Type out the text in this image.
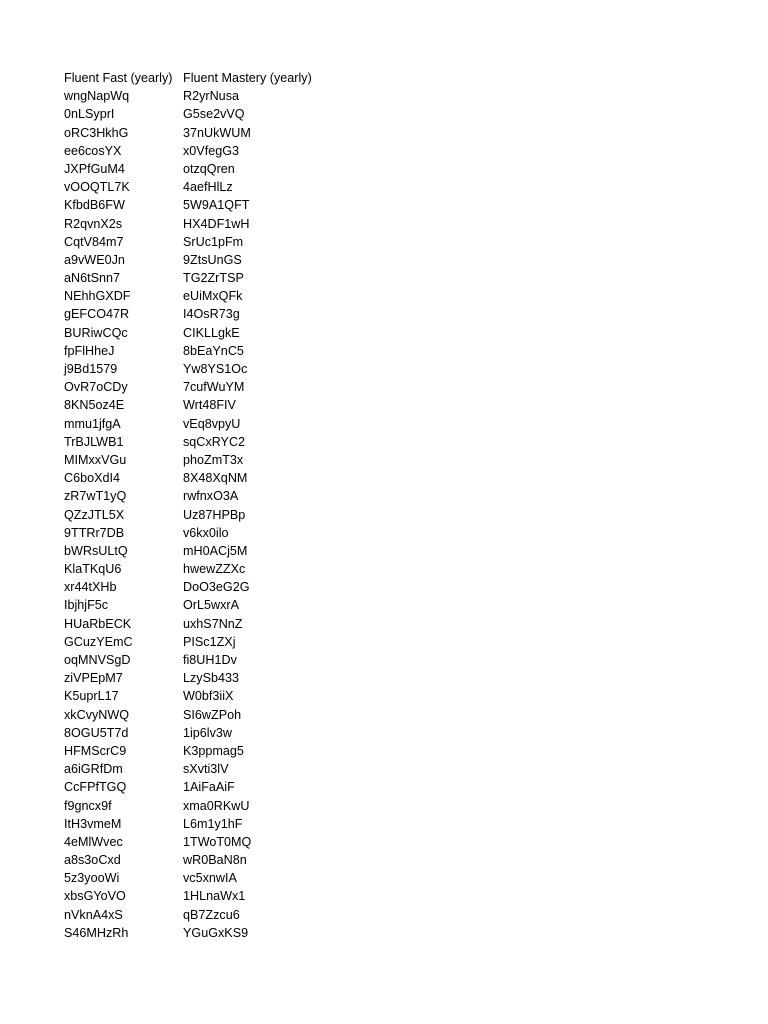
Fluent Fast (yearly) Fluent Mastery (yearly)
wngNapWq	R2yrNusa
0nLSyprI	G5se2vVQ
oRC3HkhG	37nUkWUM
ee6cosYX	x0VfegG3
JXPfGuM4	otzqQren
vOOQTL7K	4aefHlLz
KfbdB6FW	5W9A1QFT
R2qvnX2s	HX4DF1wH
CqtV84m7	SrUc1pFm
a9vWE0Jn	9ZtsUnGS
aN6tSnn7	TG2ZrTSP
NEhhGXDF	eUiMxQFk
gEFCO47R	I4OsR73g
BURiwCQc	CIKLLgkE
fpFlHheJ	8bEaYnC5
j9Bd1579	Yw8YS1Oc
OvR7oCDy	7cufWuYM
8KN5oz4E	Wrt48FIV
mmu1jfgA	vEq8vpyU
TrBJLWB1	sqCxRYC2
MIMxxVGu	phoZmT3x
C6boXdI4	8X48XqNM
zR7wT1yQ	rwfnxO3A
QZzJTL5X	Uz87HPBp
9TTRr7DB	v6kx0ilo
bWRsULtQ	mH0ACj5M
KlaTKqU6	hwewZZXc
xr44tXHb	DoO3eG2G
IbjhjF5c	OrL5wxrA
HUaRbECK	uxhS7NnZ
GCuzYEmC	PISc1ZXj
oqMNVSgD	fi8UH1Dv
ziVPEpM7	LzySb433
K5uprL17	W0bf3iiX
xkCvyNWQ	SI6wZPoh
8OGU5T7d	1ip6lv3w
HFMScrC9	K3ppmag5
a6iGRfDm	sXvti3lV
CcFPfTGQ	1AiFaAiF
f9gncx9f	xma0RKwU
ItH3vmeM	L6m1y1hF
4eMlWvec	1TWoT0MQ
a8s3oCxd	wR0BaN8n
5z3yooWi	vc5xnwIA
xbsGYoVO	1HLnaWx1
nVknA4xS	qB7Zzcu6
S46MHzRh	YGuGxKS9
